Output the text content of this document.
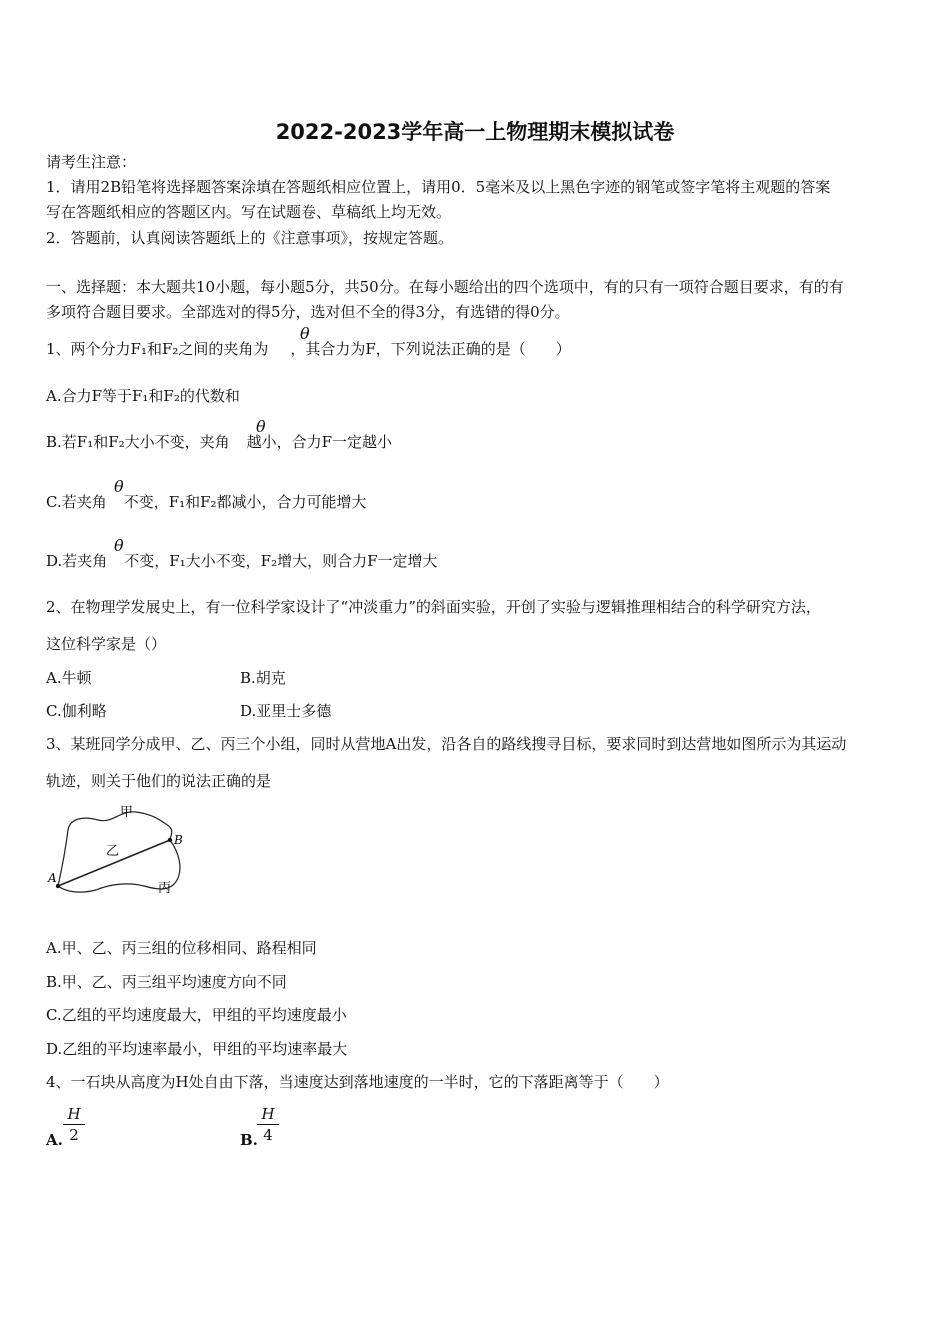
2022-2023学年高一上物理期末模拟试卷
请考生注意：
1．请用2B铅笔将选择题答案涂填在答题纸相应位置上，请用0．5毫米及以上黑色字迹的钢笔或签字笔将主观题的答案
写在答题纸相应的答题区内。写在试题卷、草稿纸上均无效。
2．答题前，认真阅读答题纸上的《注意事项》，按规定答题。
一、选择题：本大题共10小题，每小题5分，共50分。在每小题给出的四个选项中，有的只有一项符合题目要求，有的有
多项符合题目要求。全部选对的得5分，选对但不全的得3分，有选错的得0分。
1、两个分力F₁和F₂之间的夹角为 ，其合力为F，下列说法正确的是（　　）
θ
A.合力F等于F₁和F₂的代数和
B.若F₁和F₂大小不变，夹角 越小，合力F一定越小
θ
C.若夹角 不变，F₁和F₂都减小，合力可能增大
θ
D.若夹角 不变，F₁大小不变，F₂增大，则合力F一定增大
θ
2、在物理学发展史上，有一位科学家设计了“冲淡重力”的斜面实验，开创了实验与逻辑推理相结合的科学研究方法，
这位科学家是（）
A.牛顿	B.胡克
C.伽利略	D.亚里士多德
3、某班同学分成甲、乙、丙三个小组，同时从营地A出发，沿各自的路线搜寻目标，要求同时到达营地如图所示为其运动
轨迹，则关于他们的说法正确的是
甲
乙
丙
A
B
A.甲、乙、丙三组的位移相同、路程相同
B.甲、乙、丙三组平均速度方向不同
C.乙组的平均速度最大，甲组的平均速度最小
D.乙组的平均速率最小，甲组的平均速率最大
4、一石块从高度为H处自由下落，当速度达到落地速度的一半时，它的下落距离等于（　　）
A. $\frac{H}{2}$	B. $\frac{H}{4}$
